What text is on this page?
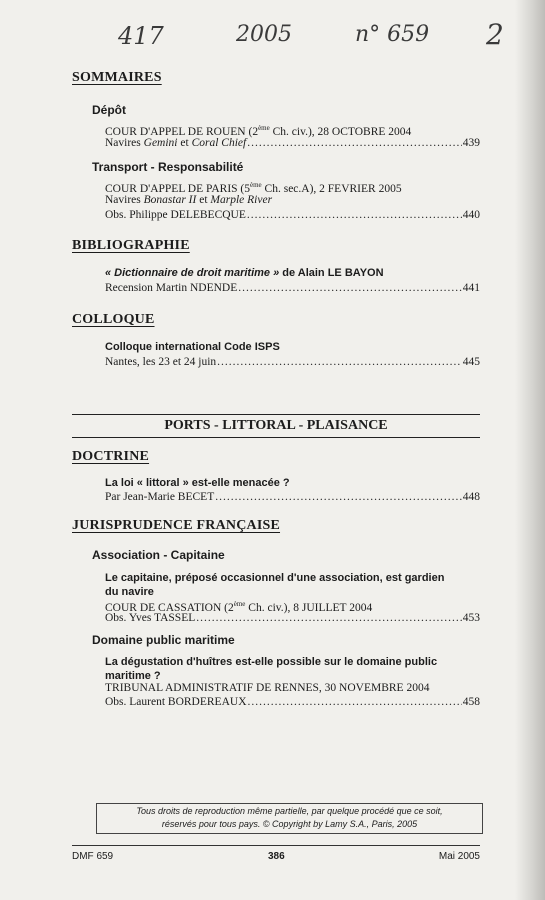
417	2005	n° 659 2
SOMMAIRES
Dépôt
COUR D'APPEL DE ROUEN (2ème Ch. civ.), 28 OCTOBRE 2004
Navires Gemini et Coral Chief .....	439
Transport - Responsabilité
COUR D'APPEL DE PARIS (5ème Ch. sec.A), 2 FEVRIER 2005
Navires Bonastar II et Marple River
Obs. Philippe DELEBECQUE .....	440
BIBLIOGRAPHIE
« Dictionnaire de droit maritime » de Alain LE BAYON
Recension Martin NDENDE .....	441
COLLOQUE
Colloque international Code ISPS
Nantes, les 23 et 24 juin .....	445
PORTS - LITTORAL - PLAISANCE
DOCTRINE
La loi « littoral » est-elle menacée ?
Par Jean-Marie BECET .....	448
JURISPRUDENCE FRANÇAISE
Association - Capitaine
Le capitaine, préposé occasionnel d'une association, est gardien
du navire
COUR DE CASSATION (2ème Ch. civ.), 8 JUILLET 2004
Obs. Yves TASSEL .....	453
Domaine public maritime
La dégustation d'huîtres est-elle possible sur le domaine public
maritime ?
TRIBUNAL ADMINISTRATIF DE RENNES, 30 NOVEMBRE 2004
Obs. Laurent BORDEREAUX .....	458
Tous droits de reproduction même partielle, par quelque procédé que ce soit,
réservés pour tous pays. © Copyright by Lamy S.A., Paris, 2005
DMF 659	386	Mai 2005
